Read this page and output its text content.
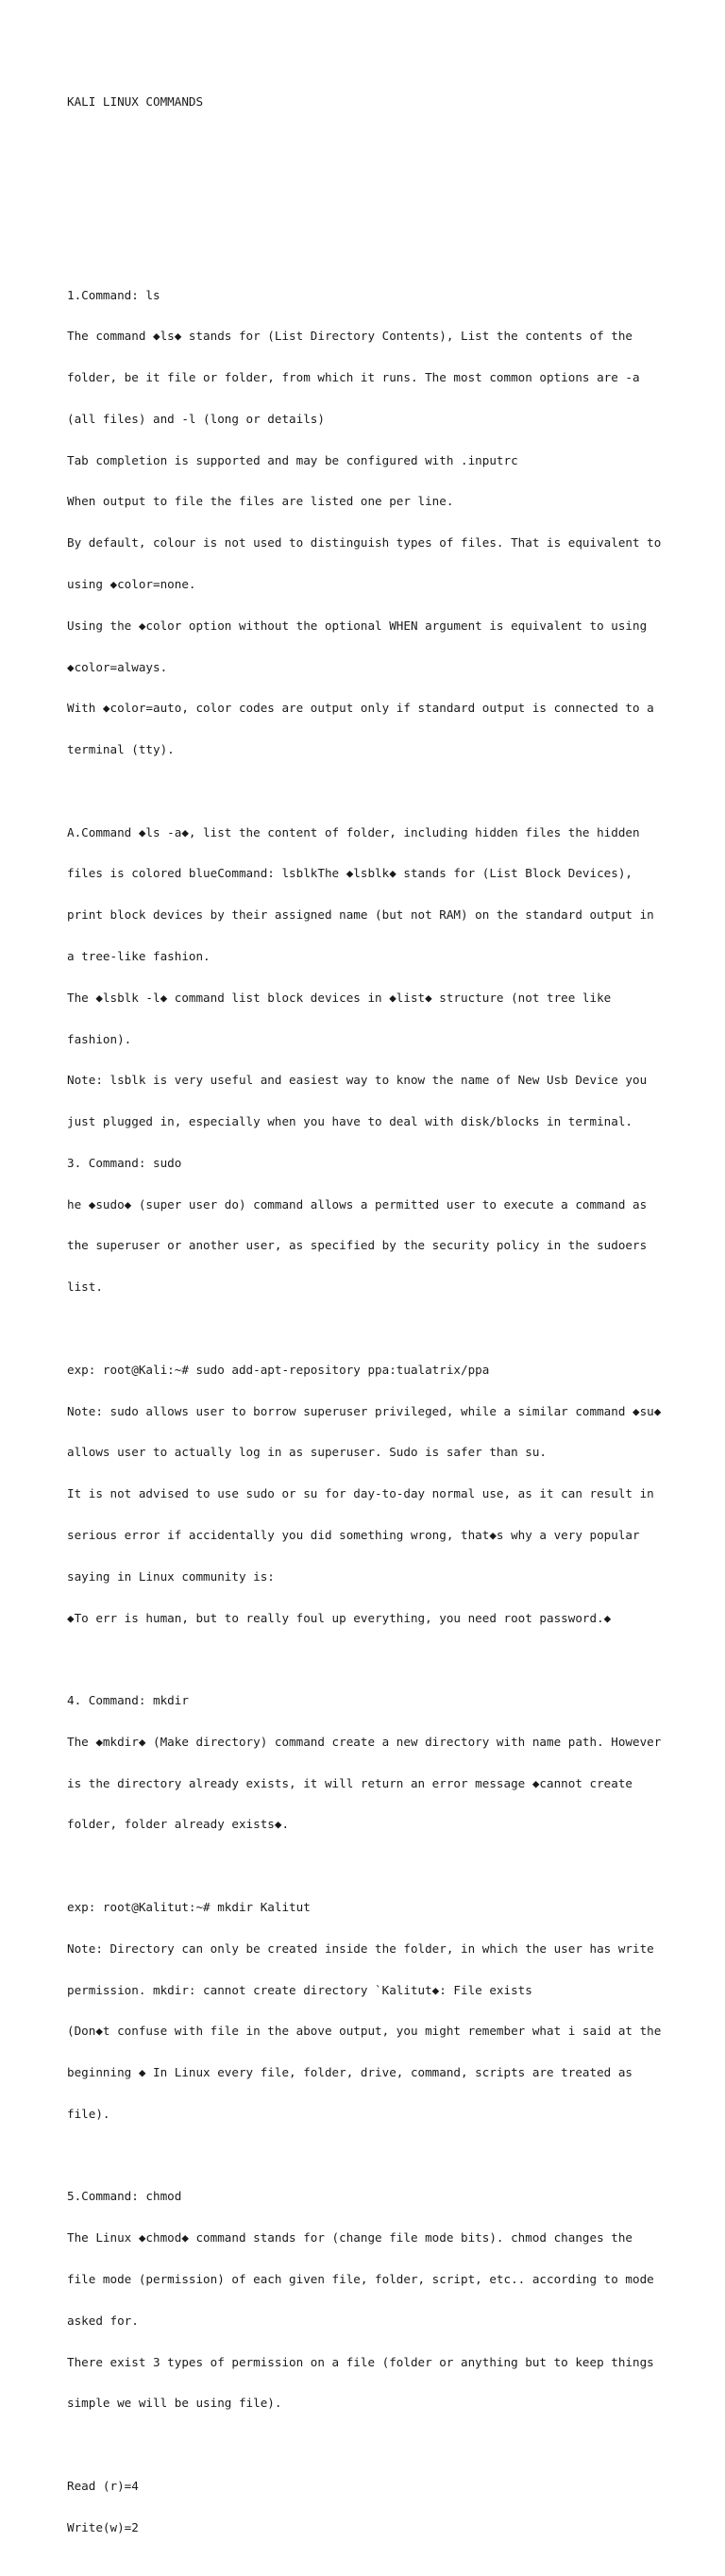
KALI LINUX COMMANDS

1.Command: ls

The command ◆ls◆ stands for (List Directory Contents), List the contents of the

folder, be it file or folder, from which it runs. The most common options are -a

(all files) and -l (long or details)

Tab completion is supported and may be configured with .inputrc

When output to file the files are listed one per line.

By default, colour is not used to distinguish types of files. That is equivalent to

using ◆color=none.

Using the ◆color option without the optional WHEN argument is equivalent to using

◆color=always.

With ◆color=auto, color codes are output only if standard output is connected to a

terminal (tty).

A.Command ◆ls -a◆, list the content of folder, including hidden files the hidden

files is colored blueCommand: lsblkThe ◆lsblk◆ stands for (List Block Devices),

print block devices by their assigned name (but not RAM) on the standard output in

a tree-like fashion.

The ◆lsblk -l◆ command list block devices in ◆list◆ structure (not tree like

fashion).

Note: lsblk is very useful and easiest way to know the name of New Usb Device you

just plugged in, especially when you have to deal with disk/blocks in terminal.

3. Command: sudo

he ◆sudo◆ (super user do) command allows a permitted user to execute a command as

the superuser or another user, as specified by the security policy in the sudoers

list.

exp: root@Kali:~# sudo add-apt-repository ppa:tualatrix/ppa

Note: sudo allows user to borrow superuser privileged, while a similar command ◆su◆

allows user to actually log in as superuser. Sudo is safer than su.

It is not advised to use sudo or su for day-to-day normal use, as it can result in

serious error if accidentally you did something wrong, that◆s why a very popular

saying in Linux community is:

◆To err is human, but to really foul up everything, you need root password.◆

4. Command: mkdir

The ◆mkdir◆ (Make directory) command create a new directory with name path. However

is the directory already exists, it will return an error message ◆cannot create

folder, folder already exists◆.

exp: root@Kalitut:~# mkdir Kalitut

Note: Directory can only be created inside the folder, in which the user has write

permission. mkdir: cannot create directory `Kalitut◆: File exists

(Don◆t confuse with file in the above output, you might remember what i said at the

beginning ◆ In Linux every file, folder, drive, command, scripts are treated as

file).

5.Command: chmod

The Linux ◆chmod◆ command stands for (change file mode bits). chmod changes the

file mode (permission) of each given file, folder, script, etc.. according to mode

asked for.

There exist 3 types of permission on a file (folder or anything but to keep things

simple we will be using file).

Read (r)=4

Write(w)=2
